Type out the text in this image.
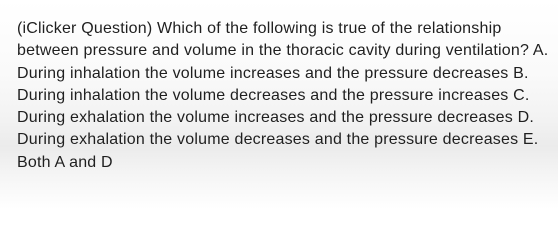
(iClicker Question) Which of the following is true of the relationship between pressure and volume in the thoracic cavity during ventilation? A. During inhalation the volume increases and the pressure decreases B. During inhalation the volume decreases and the pressure increases C. During exhalation the volume increases and the pressure decreases D. During exhalation the volume decreases and the pressure decreases E. Both A and D
